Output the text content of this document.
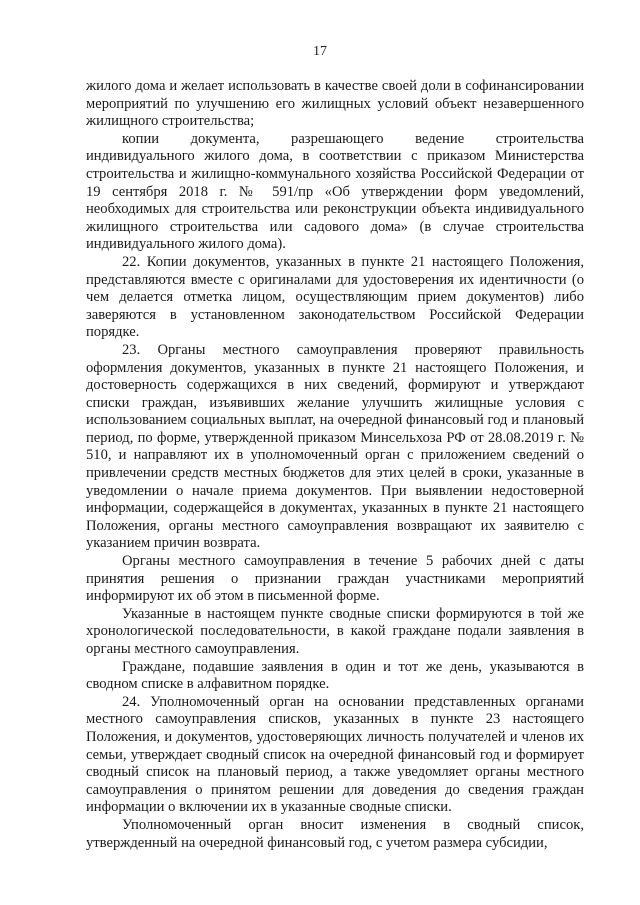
17

жилого дома и желает использовать в качестве своей доли в софинансировании мероприятий по улучшению его жилищных условий объект незавершенного жилищного строительства;

копии документа, разрешающего ведение строительства индивидуального жилого дома, в соответствии с приказом Министерства строительства и жилищно-коммунального хозяйства Российской Федерации от 19 сентября 2018 г. № 591/пр «Об утверждении форм уведомлений, необходимых для строительства или реконструкции объекта индивидуального жилищного строительства или садового дома» (в случае строительства индивидуального жилого дома).

22. Копии документов, указанных в пункте 21 настоящего Положения, представляются вместе с оригиналами для удостоверения их идентичности (о чем делается отметка лицом, осуществляющим прием документов) либо заверяются в установленном законодательством Российской Федерации порядке.

23. Органы местного самоуправления проверяют правильность оформления документов, указанных в пункте 21 настоящего Положения, и достоверность содержащихся в них сведений, формируют и утверждают списки граждан, изъявивших желание улучшить жилищные условия с использованием социальных выплат, на очередной финансовый год и плановый период, по форме, утвержденной приказом Минсельхоза РФ от 28.08.2019 г. № 510, и направляют их в уполномоченный орган с приложением сведений о привлечении средств местных бюджетов для этих целей в сроки, указанные в уведомлении о начале приема документов. При выявлении недостоверной информации, содержащейся в документах, указанных в пункте 21 настоящего Положения, органы местного самоуправления возвращают их заявителю с указанием причин возврата.

Органы местного самоуправления в течение 5 рабочих дней с даты принятия решения о признании граждан участниками мероприятий информируют их об этом в письменной форме.

Указанные в настоящем пункте сводные списки формируются в той же хронологической последовательности, в какой граждане подали заявления в органы местного самоуправления.

Граждане, подавшие заявления в один и тот же день, указываются в сводном списке в алфавитном порядке.

24. Уполномоченный орган на основании представленных органами местного самоуправления списков, указанных в пункте 23 настоящего Положения, и документов, удостоверяющих личность получателей и членов их семьи, утверждает сводный список на очередной финансовый год и формирует сводный список на плановый период, а также уведомляет органы местного самоуправления о принятом решении для доведения до сведения граждан информации о включении их в указанные сводные списки.

Уполномоченный орган вносит изменения в сводный список, утвержденный на очередной финансовый год, с учетом размера субсидии,
